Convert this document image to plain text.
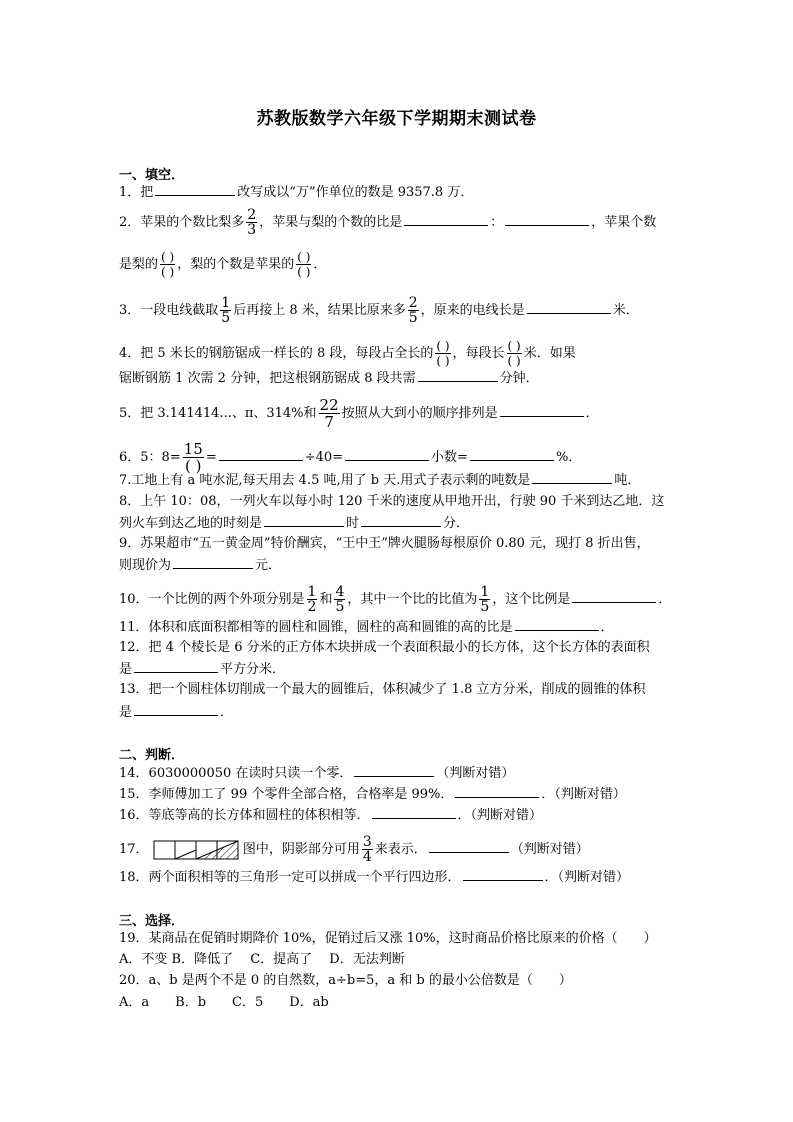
苏教版数学六年级下学期期末测试卷
一、填空．
1．把	改写成以“万”作单位的数是 9357.8 万．
2．苹果的个数比梨多 $\frac{2}{3}$ ，苹果与梨的个数的比是	：	，苹果个数
是梨的 $\frac{( )}{( )}$ ，梨的个数是苹果的 $\frac{( )}{( )}$ ．
3．一段电线截取 $\frac{1}{5}$ 后再接上 8 米，结果比原来多 $\frac{2}{5}$ ，原来的电线长是	米．
4．把 5 米长的钢筋锯成一样长的 8 段，每段占全长的 $\frac{( )}{( )}$ ，每段长 $\frac{( )}{( )}$ 米．如果
锯断钢筋 1 次需 2 分钟，把这根钢筋锯成 8 段共需	分钟．
5．把 3.141414...、π、314%和 $\frac{22}{7}$ 按照从大到小的顺序排列是	．
6．5：$8= \frac{15}{( )}$ =	÷40=	小数=	%．
7.工地上有 a 吨水泥,每天用去 4.5 吨,用了 b 天.用式子表示剩的吨数是	吨．
8．上午 10：08，一列火车以每小时 120 千米的速度从甲地开出，行驶 90 千米到达乙地．这
列火车到达乙地的时刻是	时	分．
9．苏果超市“五一黄金周”特价酬宾，“王中王”牌火腿肠每根原价 0.80 元，现打 8 折出售，
则现价为	元．
10．一个比例的两个外项分别是 $\frac{1}{2}$ 和 $\frac{4}{5}$ ，其中一个比的比值为 $\frac{1}{5}$ ，这个比例是	．
11．体积和底面积都相等的圆柱和圆锥，圆柱的高和圆锥的高的比是	．
12．把 4 个棱长是 6 分米的正方体木块拼成一个表面积最小的长方体，这个长方体的表面积
是	平方分米．
13．把一个圆柱体切削成一个最大的圆锥后，体积减少了 1.8 立方分米，削成的圆锥的体积
是	．
二、判断．
14．6030000050 在读时只读一个零．	（判断对错）
15．李师傅加工了 99 个零件全部合格，合格率是 99%．	．（判断对错）
16．等底等高的长方体和圆柱的体积相等．	．（判断对错）
17．	图中，阴影部分可用 $\frac{3}{4}$ 来表示．	（判断对错）
18．两个面积相等的三角形一定可以拼成一个平行四边形．	．（判断对错）
三、选择．
19．某商品在促销时期降价 10%，促销过后又涨 10%，这时商品价格比原来的价格（　　）
A．不变 B．降低了　 C．提高了　 D．无法判断
20．a、b 是两个不是 0 的自然数，a÷b=5，a 和 b 的最小公倍数是（　　）
A．a　　B．b　　C．5　　D．ab
